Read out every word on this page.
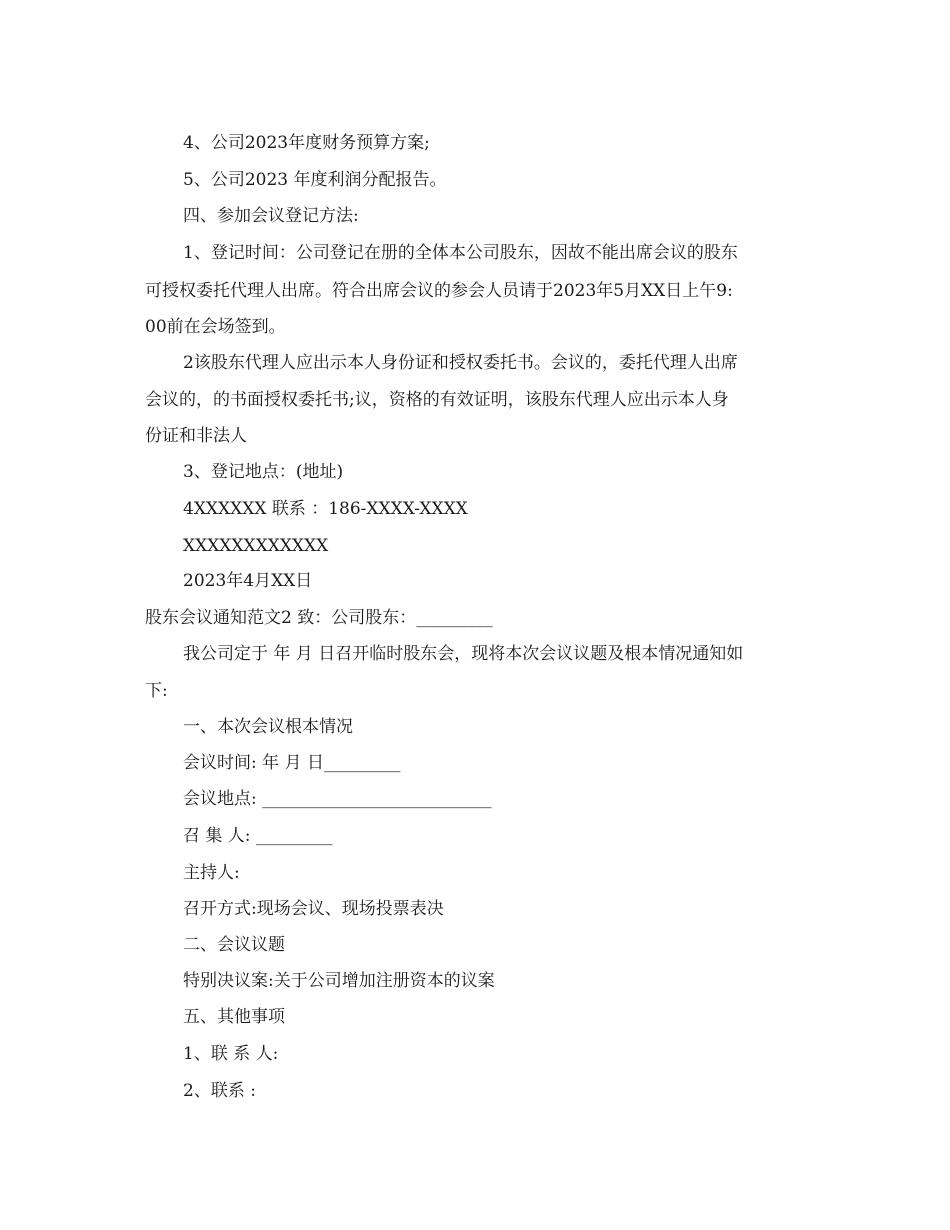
4、公司2023年度财务预算方案;
5、公司2023 年度利润分配报告。
四、参加会议登记方法:
1、登记时间：公司登记在册的全体本公司股东，因故不能出席会议的股东
可授权委托代理人出席。符合出席会议的参会人员请于2023年5月XX日上午9:
00前在会场签到。
2该股东代理人应出示本人身份证和授权委托书。会议的，委托代理人出席
会议的，的书面授权委托书;议，资格的有效证明，该股东代理人应出示本人身
份证和非法人
3、登记地点：(地址)
4XXXXXX 联系 ：186-XXXX-XXXX
XXXXXXXXXXXX
2023年4月XX日
股东会议通知范文2 致：公司股东：_________
我公司定于 年 月 日召开临时股东会，现将本次会议议题及根本情况通知如
下:
一、本次会议根本情况
会议时间: 年 月 日_________
会议地点: ___________________________
召 集 人: _________
主持人:
召开方式:现场会议、现场投票表决
二、会议议题
特别决议案:关于公司增加注册资本的议案
五、其他事项
1、联 系 人:
2、联系 :
